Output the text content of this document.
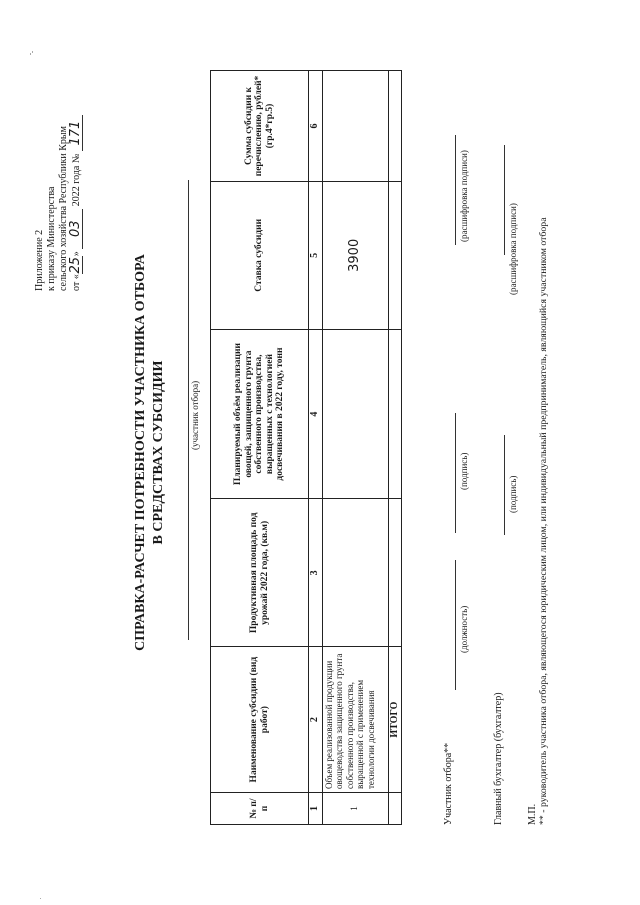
Приложение 2 к приказу Министерства сельского хозяйства Республики Крым от «25» 03 2022 года № 171
СПРАВКА-РАСЧЕТ ПОТРЕБНОСТИ УЧАСТНИКА ОТБОРА В СРЕДСТВАХ СУБСИДИИ	(участник отбора)
№ п/п	Наименование субсидии (вид работ)	Продуктивная площадь под урожай 2022 года, (кв.м)	Планируемый объём реализации овощей, защищенного грунта собственного производства, выращенных с технологией досвечивания в 2022 году, тонн	Ставка субсидии	Сумма субсидии к перечислению, рублей* (гр.4*гр.5)
1	2	3	4	5	6
1	Объем реализованной продукции овощеводства защищенного грунта собственного производства, выращенной с применением технологии досвечивания			3900	
	ИТОГО				
Участник отбора**
(должность)
(подпись)
(расшифровка подписи)
Главный бухгалтер (бухгалтер)
(подпись)
(расшифровка подписи)
М.П. ** - руководитель участника отбора, являющегося юридическим лицом, или индивидуальный предприниматель, являющийся участником отбора
